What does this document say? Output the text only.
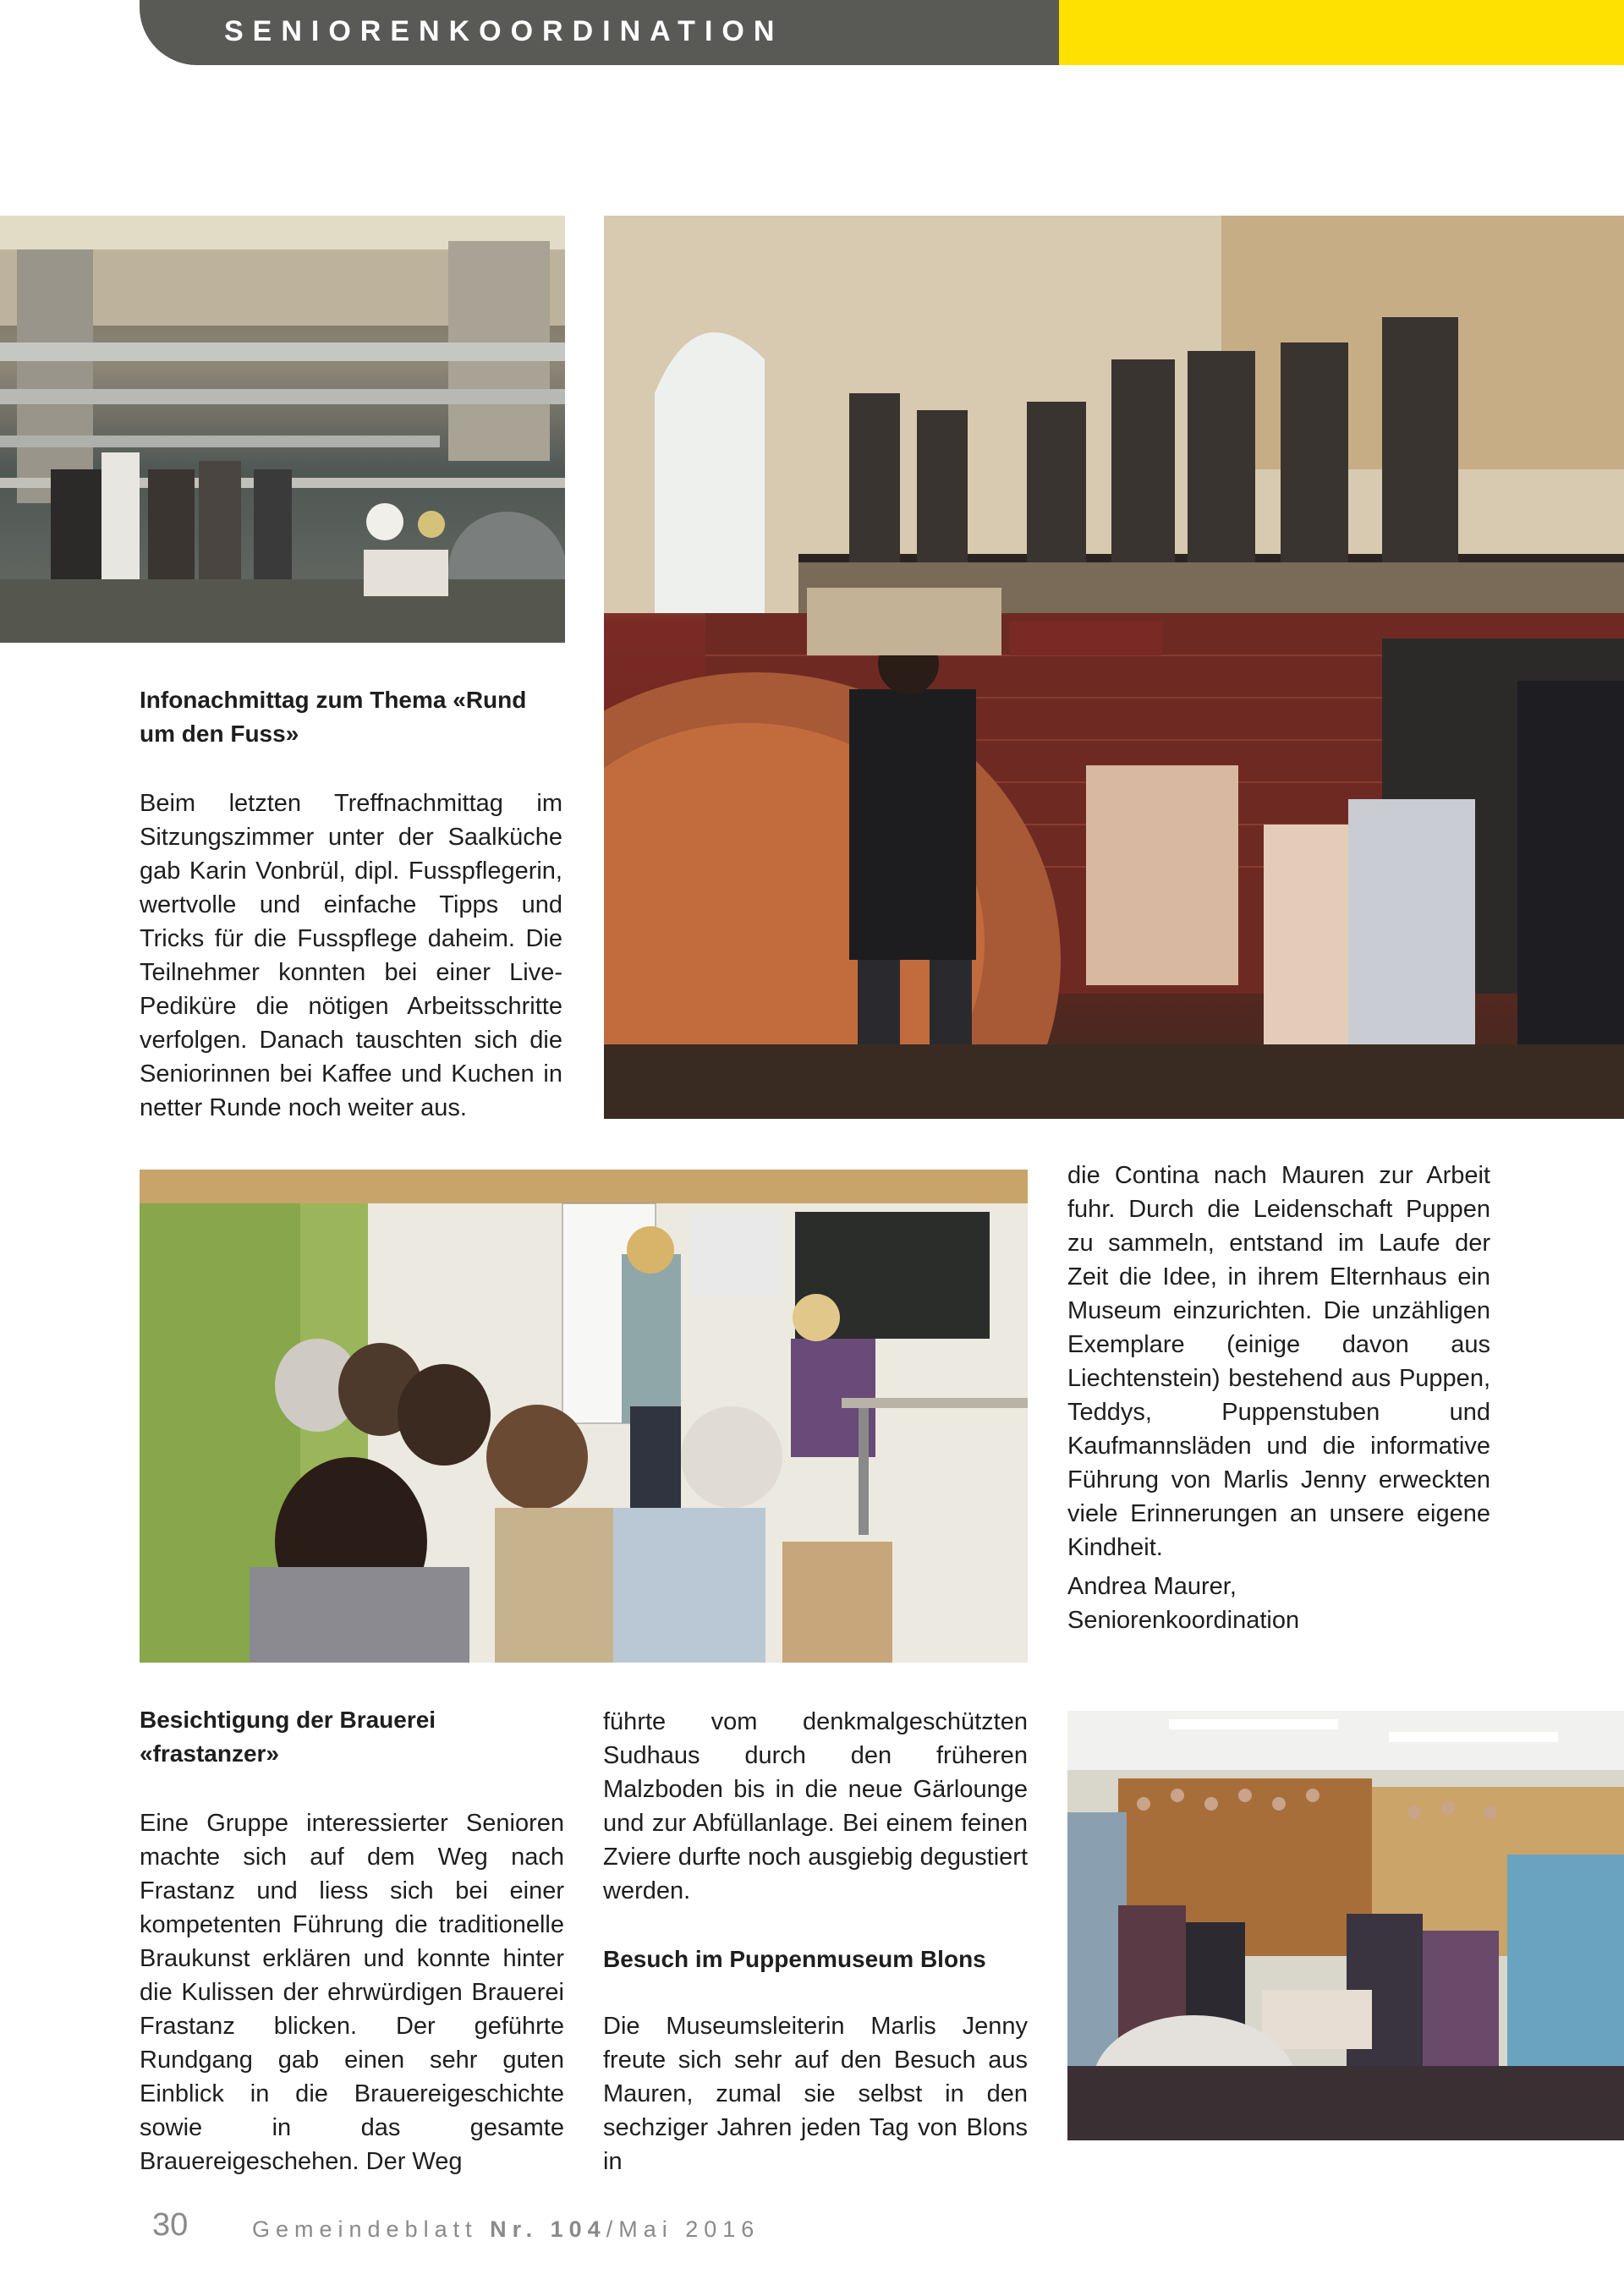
SENIORENKOORDINATION
Infonachmittag zum Thema «Rund um den Fuss»
Beim letzten Treffnachmittag im Sitzungszimmer unter der Saalküche gab Karin Vonbrül, dipl. Fusspflegerin, wertvolle und einfache Tipps und Tricks für die Fusspflege daheim. Die Teilnehmer konnten bei einer Live-Pediküre die nötigen Arbeitsschritte verfolgen. Danach tauschten sich die Seniorinnen bei Kaffee und Kuchen in netter Runde noch weiter aus.
die Contina nach Mauren zur Arbeit fuhr. Durch die Leidenschaft Puppen zu sammeln, entstand im Laufe der Zeit die Idee, in ihrem Elternhaus ein Museum einzurichten. Die unzähligen Exemplare (einige davon aus Liechtenstein) bestehend aus Puppen, Teddys, Puppenstuben und Kaufmannsläden und die informative Führung von Marlis Jenny erweckten viele Erinnerungen an unsere eigene Kindheit.
Andrea Maurer,
Seniorenkoordination
Besichtigung der Brauerei «frastanzer»
Eine Gruppe interessierter Senioren machte sich auf dem Weg nach Frastanz und liess sich bei einer kompetenten Führung die traditionelle Braukunst erklären und konnte hinter die Kulissen der ehrwürdigen Brauerei Frastanz blicken. Der geführte Rundgang gab einen sehr guten Einblick in die Brauereigeschichte sowie in das gesamte Brauereigeschehen. Der Weg
führte vom denkmalgeschützten Sudhaus durch den früheren Malzboden bis in die neue Gärlounge und zur Abfüllanlage. Bei einem feinen Zviere durfte noch ausgiebig degustiert werden.
Besuch im Puppenmuseum Blons
Die Museumsleiterin Marlis Jenny freute sich sehr auf den Besuch aus Mauren, zumal sie selbst in den sechziger Jahren jeden Tag von Blons in
30	Gemeindeblatt Nr. 104/Mai 2016
